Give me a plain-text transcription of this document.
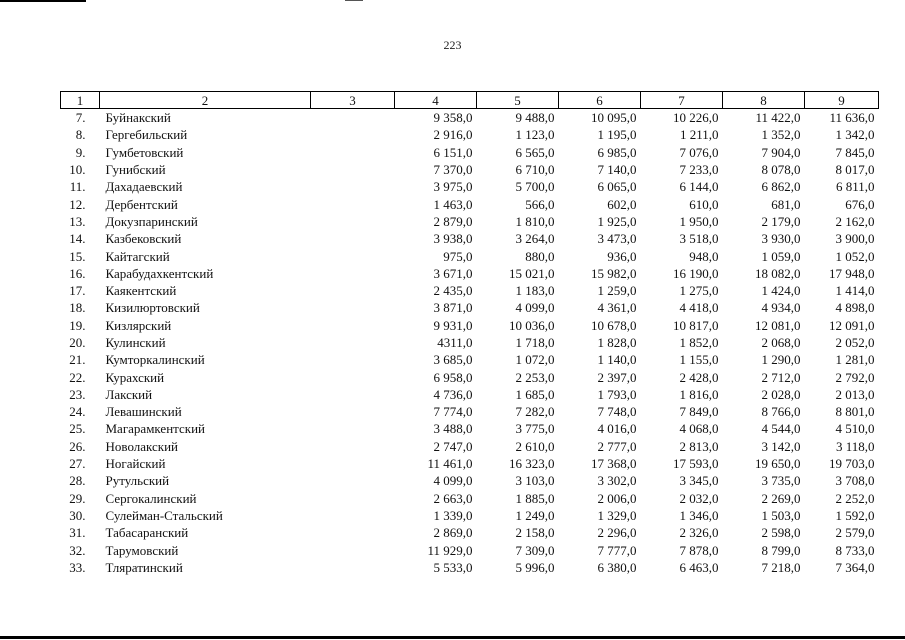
223
1	2	3	4	5	6	7	8	9
7.	Буйнакский		9 358,0	9 488,0	10 095,0	10 226,0	11 422,0	11 636,0
8.	Гергебильский		2 916,0	1 123,0	1 195,0	1 211,0	1 352,0	1 342,0
9.	Гумбетовский		6 151,0	6 565,0	6 985,0	7 076,0	7 904,0	7 845,0
10.	Гунибский		7 370,0	6 710,0	7 140,0	7 233,0	8 078,0	8 017,0
11.	Дахадаевский		3 975,0	5 700,0	6 065,0	6 144,0	6 862,0	6 811,0
12.	Дербентский		1 463,0	566,0	602,0	610,0	681,0	676,0
13.	Докузпаринский		2 879,0	1 810,0	1 925,0	1 950,0	2 179,0	2 162,0
14.	Казбековский		3 938,0	3 264,0	3 473,0	3 518,0	3 930,0	3 900,0
15.	Кайтагский		975,0	880,0	936,0	948,0	1 059,0	1 052,0
16.	Карабудахкентский		3 671,0	15 021,0	15 982,0	16 190,0	18 082,0	17 948,0
17.	Каякентский		2 435,0	1 183,0	1 259,0	1 275,0	1 424,0	1 414,0
18.	Кизилюртовский		3 871,0	4 099,0	4 361,0	4 418,0	4 934,0	4 898,0
19.	Кизлярский		9 931,0	10 036,0	10 678,0	10 817,0	12 081,0	12 091,0
20.	Кулинский		4311,0	1 718,0	1 828,0	1 852,0	2 068,0	2 052,0
21.	Кумторкалинский		3 685,0	1 072,0	1 140,0	1 155,0	1 290,0	1 281,0
22.	Курахский		6 958,0	2 253,0	2 397,0	2 428,0	2 712,0	2 792,0
23.	Лакский		4 736,0	1 685,0	1 793,0	1 816,0	2 028,0	2 013,0
24.	Левашинский		7 774,0	7 282,0	7 748,0	7 849,0	8 766,0	8 801,0
25.	Магарамкентский		3 488,0	3 775,0	4 016,0	4 068,0	4 544,0	4 510,0
26.	Новолакский		2 747,0	2 610,0	2 777,0	2 813,0	3 142,0	3 118,0
27.	Ногайский		11 461,0	16 323,0	17 368,0	17 593,0	19 650,0	19 703,0
28.	Рутульский		4 099,0	3 103,0	3 302,0	3 345,0	3 735,0	3 708,0
29.	Сергокалинский		2 663,0	1 885,0	2 006,0	2 032,0	2 269,0	2 252,0
30.	Сулейман-Стальский		1 339,0	1 249,0	1 329,0	1 346,0	1 503,0	1 592,0
31.	Табасаранский		2 869,0	2 158,0	2 296,0	2 326,0	2 598,0	2 579,0
32.	Тарумовский		11 929,0	7 309,0	7 777,0	7 878,0	8 799,0	8 733,0
33.	Тляратинский		5 533,0	5 996,0	6 380,0	6 463,0	7 218,0	7 364,0
